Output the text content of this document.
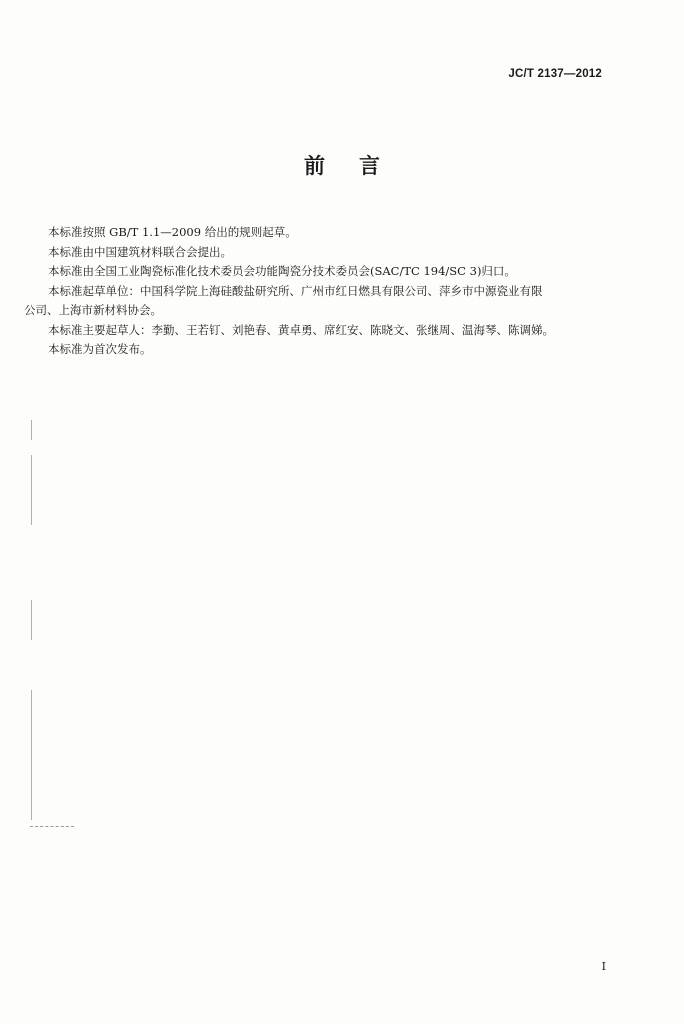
JC/T 2137—2012
前言

本标准按照 GB/T 1.1—2009 给出的规则起草。

本标准由中国建筑材料联合会提出。

本标准由全国工业陶瓷标准化技术委员会功能陶瓷分技术委员会(SAC/TC 194/SC 3)归口。

本标准起草单位：中国科学院上海硅酸盐研究所、广州市红日燃具有限公司、萍乡市中源瓷业有限
公司、上海市新材料协会。

本标准主要起草人：李勤、王若钉、刘艳春、黄卓勇、席红安、陈晓文、张继周、温海琴、陈调娣。

本标准为首次发布。

I
